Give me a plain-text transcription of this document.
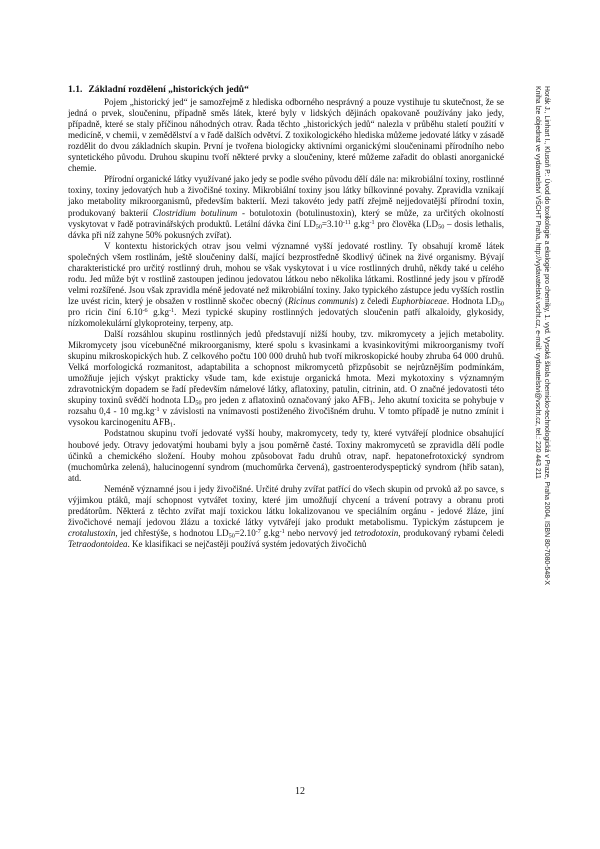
Horák J., Linhart I., Klusoň P.: Úvod do toxikologie a ekologie pro chemiky, 1. vyd. Vysoká škola chemicko-technologická v Praze, Praha 2004, ISBN 80-7080-548-X
Kniha lze objednat ve vydavatelství VŠCHT Praha, http://vydavatelstvi.vscht.cz, e-mail: vydavatelstvi@vscht.cz, tel.: 220 443 211
1.1. Základní rozdělení „historických jedů“

Pojem „historický jed“ je samozřejmě z hlediska odborného nesprávný a pouze vystihuje tu skutečnost, že se jedná o prvek, sloučeninu, případně směs látek, které byly v lidských dějinách opakovaně používány jako jedy, případně, které se staly příčinou náhodných otrav. Řada těchto „historických jedů“ nalezla v průběhu staletí použití v medicíně, v chemii, v zemědělství a v řadě dalších odvětví. Z toxikologického hlediska můžeme jedovaté látky v zásadě rozdělit do dvou základních skupin. První je tvořena biologicky aktivními organickými sloučeninami přírodního nebo syntetického původu. Druhou skupinu tvoří některé prvky a sloučeniny, které můžeme zařadit do oblasti anorganické chemie.

Přírodní organické látky využívané jako jedy se podle svého původu dělí dále na: mikrobiální toxiny, rostlinné toxiny, toxiny jedovatých hub a živočišné toxiny. Mikrobiální toxiny jsou látky bílkovinné povahy. Zpravidla vznikají jako metabolity mikroorganismů, především bakterií. Mezi takovéto jedy patří zřejmě nejjedovatější přírodní toxin, produkovaný bakterií Clostridium botulinum - botulotoxin (botulinustoxin), který se může, za určitých okolností vyskytovat v řadě potravinářských produktů. Letální dávka činí $LD_{50}=3.10^{-11}$ $g.kg^{-1}$ pro člověka ($LD_{50}$ – dosis lethalis, dávka při níž zahyne 50% pokusných zvířat).

V kontextu historických otrav jsou velmi významné vyšší jedovaté rostliny. Ty obsahují kromě látek společných všem rostlinám, ještě sloučeniny další, mající bezprostředně škodlivý účinek na živé organismy. Bývají charakteristické pro určitý rostlinný druh, mohou se však vyskytovat i u více rostlinných druhů, někdy také u celého rodu. Jed může být v rostlině zastoupen jedinou jedovatou látkou nebo několika látkami. Rostlinné jedy jsou v přírodě velmi rozšířené. Jsou však zpravidla méně jedovaté než mikrobiální toxiny. Jako typického zástupce jedu vyšších rostlin lze uvést ricin, který je obsažen v rostlinně skočec obecný (Ricinus communis) z čeledi Euphorbiaceae. Hodnota $LD_{50}$ pro ricin činí $6.10^{-6}$ $g.kg^{-1}$. Mezi typické skupiny rostlinných jedovatých sloučenin patří alkaloidy, glykosidy, nízkomolekulární glykoproteiny, terpeny, atp.

Další rozsáhlou skupinu rostlinných jedů představují nižší houby, tzv. mikromycety a jejich metabolity. Mikromycety jsou vícebuněčné mikroorganismy, které spolu s kvasinkami a kvasinkovitými mikroorganismy tvoří skupinu mikroskopických hub. Z celkového počtu 100 000 druhů hub tvoří mikroskopické houby zhruba 64 000 druhů. Velká morfologická rozmanitost, adaptabilita a schopnost mikromycetů přizpůsobit se nejrůznějším podmínkám, umožňuje jejich výskyt prakticky všude tam, kde existuje organická hmota. Mezi mykotoxiny s významným zdravotnickým dopadem se řadí především námelové látky, aflatoxiny, patulin, citrinin, atd. O značné jedovatosti této skupiny toxinů svědčí hodnota $LD_{50}$ pro jeden z aflatoxinů označovaný jako $AFB_1$. Jeho akutní toxicita se pohybuje v rozsahu 0,4 - 10 $mg.kg^{-1}$ v závislosti na vnímavosti postiženého živočišném druhu. V tomto případě je nutno zmínit i vysokou karcinogenitu $AFB_1$.

Podstatnou skupinu tvoří jedovaté vyšší houby, makromycety, tedy ty, které vytvářejí plodnice obsahující houbové jedy. Otravy jedovatými houbami byly a jsou poměrně časté. Toxiny makromycetů se zpravidla dělí podle účinků a chemického složení. Houby mohou způsobovat řadu druhů otrav, např. hepatonefrotoxický syndrom (muchomůrka zelená), halucinogenní syndrom (muchomůrka červená), gastroenterodyspeptický syndrom (hřib satan), atd.

Neméně významné jsou i jedy živočišné. Určité druhy zvířat patřící do všech skupin od prvoků až po savce, s výjimkou ptáků, mají schopnost vytvářet toxiny, které jim umožňují chycení a trávení potravy a obranu proti predátorům. Některá z těchto zvířat mají toxickou látku lokalizovanou ve speciálním orgánu - jedové žláze, jiní živočichové nemají jedovou žlázu a toxické látky vytvářejí jako produkt metabolismu. Typickým zástupcem je crotalustoxin, jed chřestýše, s hodnotou $LD_{50}=2.10^{-7}$ $g.kg^{-1}$ nebo nervový jed tetrodotoxin, produkovaný rybami čeledi Tetraodontoidea. Ke klasifikaci se nejčastěji používá systém jedovatých živočichů

12
